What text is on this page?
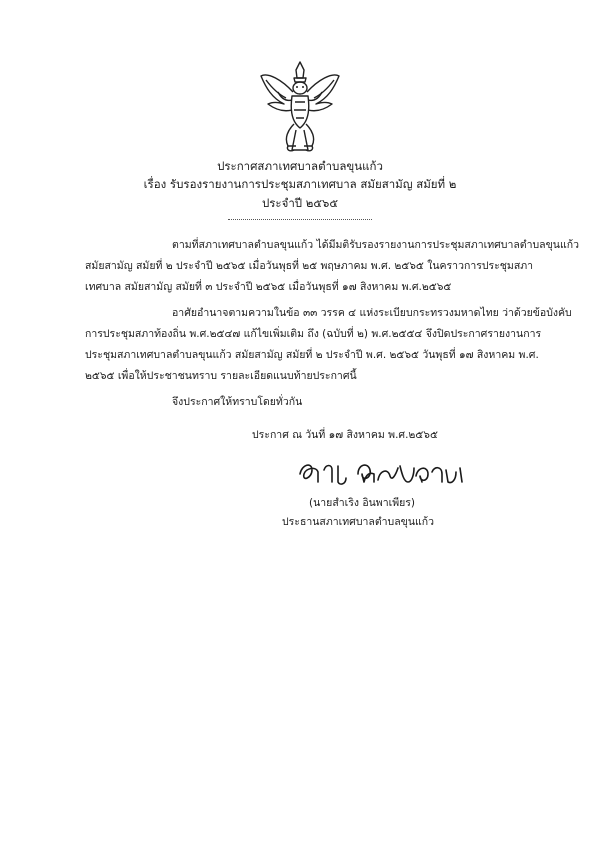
ประกาศสภาเทศบาลตำบลขุนแก้ว
เรื่อง รับรองรายงานการประชุมสภาเทศบาล สมัยสามัญ สมัยที่ ๒
ประจำปี ๒๕๖๕
ตามที่สภาเทศบาลตำบลขุนแก้ว ได้มีมติรับรองรายงานการประชุมสภาเทศบาลตำบลขุนแก้ว
สมัยสามัญ สมัยที่ ๒ ประจำปี ๒๕๖๕ เมื่อวันพุธที่ ๒๕ พฤษภาคม พ.ศ. ๒๕๖๕ ในคราวการประชุมสภา
เทศบาล สมัยสามัญ สมัยที่ ๓ ประจำปี ๒๕๖๕ เมื่อวันพุธที่ ๑๗ สิงหาคม พ.ศ.๒๕๖๕
อาศัยอำนาจตามความในข้อ ๓๓ วรรค ๔ แห่งระเบียบกระทรวงมหาดไทย ว่าด้วยข้อบังคับ
การประชุมสภาท้องถิ่น พ.ศ.๒๕๔๗ แก้ไขเพิ่มเติม ถึง (ฉบับที่ ๒) พ.ศ.๒๕๕๔ จึงปิดประกาศรายงานการ
ประชุมสภาเทศบาลตำบลขุนแก้ว สมัยสามัญ สมัยที่ ๒ ประจำปี พ.ศ. ๒๕๖๕ วันพุธที่ ๑๗ สิงหาคม พ.ศ.
๒๕๖๕ เพื่อให้ประชาชนทราบ รายละเอียดแนบท้ายประกาศนี้
จึงประกาศให้ทราบโดยทั่วกัน
ประกาศ ณ วันที่ ๑๗ สิงหาคม พ.ศ.๒๕๖๕
(นายสำเริง อินพาเพียร)
ประธานสภาเทศบาลตำบลขุนแก้ว
